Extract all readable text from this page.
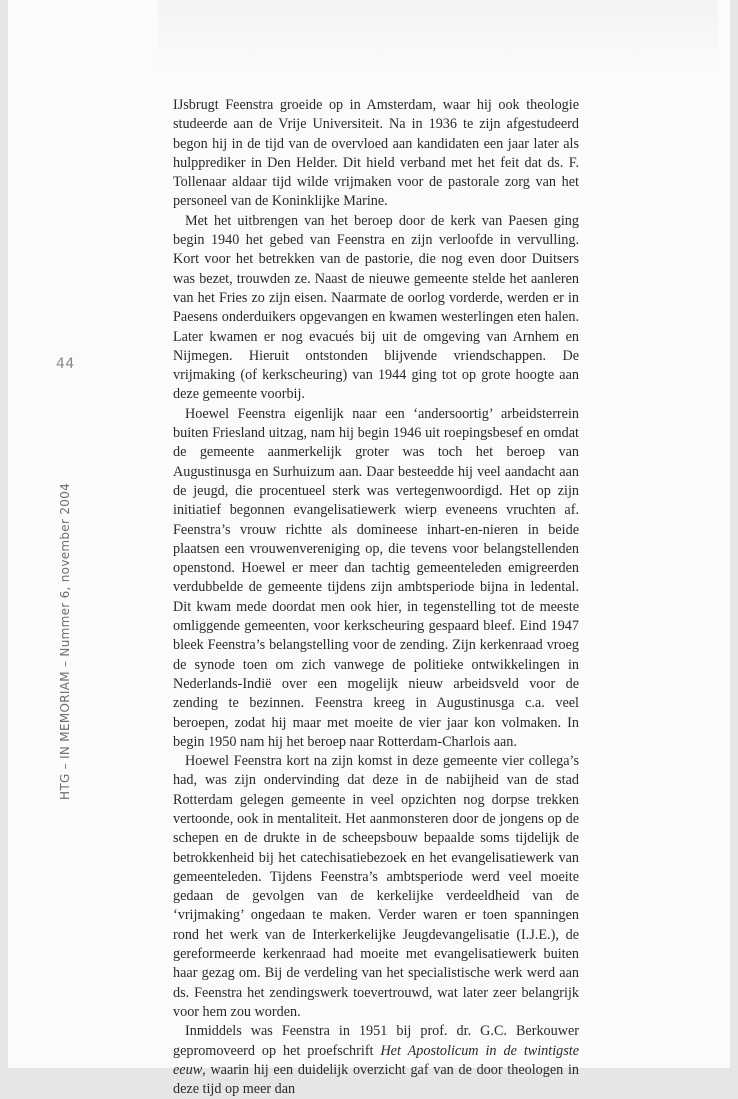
44
HTG – IN MEMORIAM – Nummer 6, november 2004

IJsbrugt Feenstra groeide op in Amsterdam, waar hij ook theologie studeerde aan de Vrije Universiteit. Na in 1936 te zijn afgestudeerd begon hij in de tijd van de overvloed aan kandidaten een jaar later als hulpprediker in Den Helder. Dit hield verband met het feit dat ds. F. Tollenaar aldaar tijd wilde vrijmaken voor de pastorale zorg van het personeel van de Koninklijke Marine.

Met het uitbrengen van het beroep door de kerk van Paesen ging begin 1940 het gebed van Feenstra en zijn verloofde in vervulling. Kort voor het betrekken van de pastorie, die nog even door Duitsers was bezet, trouwden ze. Naast de nieuwe gemeente stelde het aanleren van het Fries zo zijn eisen. Naarmate de oorlog vorderde, werden er in Paesens onderduikers opgevangen en kwamen westerlingen eten halen. Later kwamen er nog evacués bij uit de omgeving van Arnhem en Nijmegen. Hieruit ontstonden blijvende vriendschappen. De vrijmaking (of kerkscheuring) van 1944 ging tot op grote hoogte aan deze gemeente voorbij.

Hoewel Feenstra eigenlijk naar een ‘andersoortig’ arbeidsterrein buiten Friesland uitzag, nam hij begin 1946 uit roepingsbesef en omdat de gemeente aanmerkelijk groter was toch het beroep van Augustinusga en Surhuizum aan. Daar besteedde hij veel aandacht aan de jeugd, die procentueel sterk was vertegenwoordigd. Het op zijn initiatief begonnen evangelisatiewerk wierp eveneens vruchten af. Feenstra’s vrouw richtte als domineese inhart-en-nieren in beide plaatsen een vrouwenvereniging op, die tevens voor belangstellenden openstond. Hoewel er meer dan tachtig gemeenteleden emigreerden verdubbelde de gemeente tijdens zijn ambtsperiode bijna in ledental. Dit kwam mede doordat men ook hier, in tegenstelling tot de meeste omliggende gemeenten, voor kerkscheuring gespaard bleef. Eind 1947 bleek Feenstra’s belangstelling voor de zending. Zijn kerkenraad vroeg de synode toen om zich vanwege de politieke ontwikkelingen in Nederlands-Indië over een mogelijk nieuw arbeidsveld voor de zending te bezinnen. Feenstra kreeg in Augustinusga c.a. veel beroepen, zodat hij maar met moeite de vier jaar kon volmaken. In begin 1950 nam hij het beroep naar Rotterdam-Charlois aan.

Hoewel Feenstra kort na zijn komst in deze gemeente vier collega’s had, was zijn ondervinding dat deze in de nabijheid van de stad Rotterdam gelegen gemeente in veel opzichten nog dorpse trekken vertoonde, ook in mentaliteit. Het aanmonsteren door de jongens op de schepen en de drukte in de scheepsbouw bepaalde soms tijdelijk de betrokkenheid bij het catechisatiebezoek en het evangelisatiewerk van gemeenteleden. Tijdens Feenstra’s ambtsperiode werd veel moeite gedaan de gevolgen van de kerkelijke verdeeldheid van de ‘vrijmaking’ ongedaan te maken. Verder waren er toen spanningen rond het werk van de Interkerkelijke Jeugdevangelisatie (I.J.E.), de gereformeerde kerkenraad had moeite met evangelisatiewerk buiten haar gezag om. Bij de verdeling van het specialistische werk werd aan ds. Feenstra het zendingswerk toevertrouwd, wat later zeer belangrijk voor hem zou worden.

Inmiddels was Feenstra in 1951 bij prof. dr. G.C. Berkouwer gepromoveerd op het proefschrift Het Apostolicum in de twintigste eeuw, waarin hij een duidelijk overzicht gaf van de door theologen in deze tijd op meer dan
